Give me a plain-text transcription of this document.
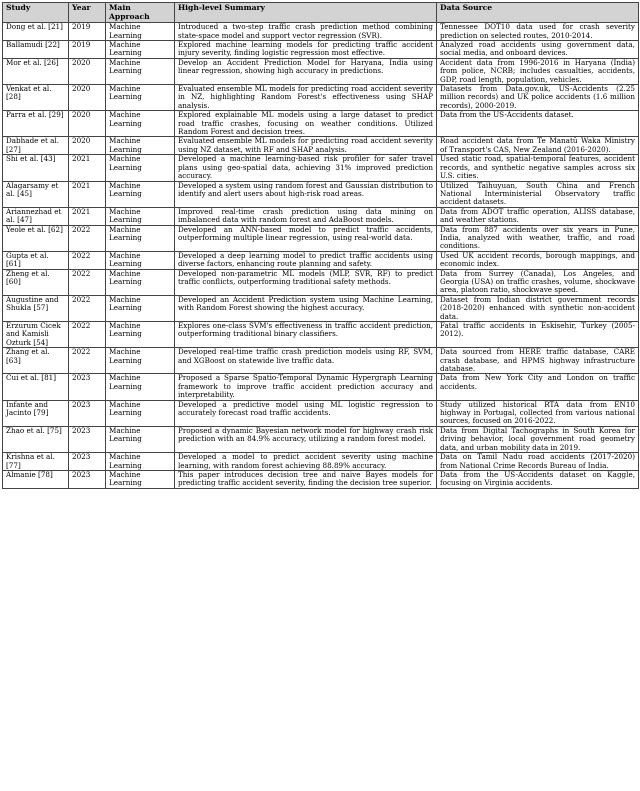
Study	Year	Main Approach	High-level Summary	Data Source
Dong et al. [21]	2019	Machine Learning	Introduced a two-step traffic crash prediction method combining state-space model and support vector regression (SVR).	Tennessee DOT10 data used for crash severity prediction on selected routes, 2010-2014.
Ballamudi [22]	2019	Machine Learning	Explored machine learning models for predicting traffic accident injury severity, finding logistic regression most effective.	Analyzed road accidents using government data, social media, and onboard devices.
Mor et al. [26]	2020	Machine Learning	Develop an Accident Prediction Model for Haryana, India using linear regression, showing high accuracy in predictions.	Accident data from 1996-2016 in Haryana (India) from police, NCRB; includes casualties, accidents, GDP, road length, population, vehicles.
Venkat et al. [28]	2020	Machine Learning	Evaluated ensemble ML models for predicting road accident severity in NZ, highlighting Random Forest's effectiveness using SHAP analysis.	Datasets from Data.gov.uk, US-Accidents (2.25 million records) and UK police accidents (1.6 million records), 2000-2019.
Parra et al. [29]	2020	Machine Learning	Explored explainable ML models using a large dataset to predict road traffic crashes, focusing on weather conditions. Utilized Random Forest and decision trees.	Data from the US-Accidents dataset.
Dabhade et al. [27]	2020	Machine Learning	Evaluated ensemble ML models for predicting road accident severity using NZ dataset, with RF and SHAP analysis.	Road accident data from Te Manatū Waka Ministry of Transport's CAS, New Zealand (2016-2020).
Shi et al. [43]	2021	Machine Learning	Developed a machine learning-based risk profiler for safer travel plans using geo-spatial data, achieving 31% improved prediction accuracy.	Used static road, spatial-temporal features, accident records, and synthetic negative samples across six U.S. cities.
Alagarsamy et al. [45]	2021	Machine Learning	Developed a system using random forest and Gaussian distribution to identify and alert users about high-risk road areas.	Utilized Taihuyuan, South China and French National Interministerial Observatory traffic accident datasets.
Ariannezhad et al. [47]	2021	Machine Learning	Improved real-time crash prediction using data mining on imbalanced data with random forest and AdaBoost models.	Data from ADOT traffic operation, ALISS database, and weather stations.
Yeole et al. [62]	2022	Machine Learning	Developed an ANN-based model to predict traffic accidents, outperforming multiple linear regression, using real-world data.	Data from 887 accidents over six years in Pune, India, analyzed with weather, traffic, and road conditions.
Gupta et al. [61]	2022	Machine Learning	Developed a deep learning model to predict traffic accidents using diverse factors, enhancing route planning and safety.	Used UK accident records, borough mappings, and economic index.
Zheng et al. [60]	2022	Machine Learning	Developed non-parametric ML models (MLP, SVR, RF) to predict traffic conflicts, outperforming traditional safety methods.	Data from Surrey (Canada), Los Angeles, and Georgia (USA) on traffic crashes, volume, shockwave area, platoon ratio, shockwave speed.
Augustine and Shukla [57]	2022	Machine Learning	Developed an Accident Prediction system using Machine Learning, with Random Forest showing the highest accuracy.	Dataset from Indian district government records (2018-2020) enhanced with synthetic non-accident data.
Erzurum Cicek and Kamisli Ozturk [54]	2022	Machine Learning	Explores one-class SVM's effectiveness in traffic accident prediction, outperforming traditional binary classifiers.	Fatal traffic accidents in Eskisehir, Turkey (2005-2012).
Zhang et al. [63]	2022	Machine Learning	Developed real-time traffic crash prediction models using RF, SVM, and XGBoost on statewide live traffic data.	Data sourced from HERE traffic database, CARE crash database, and HPMS highway infrastructure database.
Cui et al. [81]	2023	Machine Learning	Proposed a Sparse Spatio-Temporal Dynamic Hypergraph Learning framework to improve traffic accident prediction accuracy and interpretability.	Data from New York City and London on traffic accidents.
Infante and Jacinto [79]	2023	Machine Learning	Developed a predictive model using ML logistic regression to accurately forecast road traffic accidents.	Study utilized historical RTA data from EN10 highway in Portugal, collected from various national sources, focused on 2016-2022.
Zhao et al. [75]	2023	Machine Learning	Proposed a dynamic Bayesian network model for highway crash risk prediction with an 84.9% accuracy, utilizing a random forest model.	Data from Digital Tachographs in South Korea for driving behavior, local government road geometry data, and urban mobility data in 2019.
Krishna et al. [77]	2023	Machine Learning	Developed a model to predict accident severity using machine learning, with random forest achieving 88.89% accuracy.	Data on Tamil Nadu road accidents (2017-2020) from National Crime Records Bureau of India.
Almanie [78]	2023	Machine Learning	This paper introduces decision tree and naive Bayes models for predicting traffic accident severity, finding the decision tree superior.	Data from the US-Accidents dataset on Kaggle, focusing on Virginia accidents.
